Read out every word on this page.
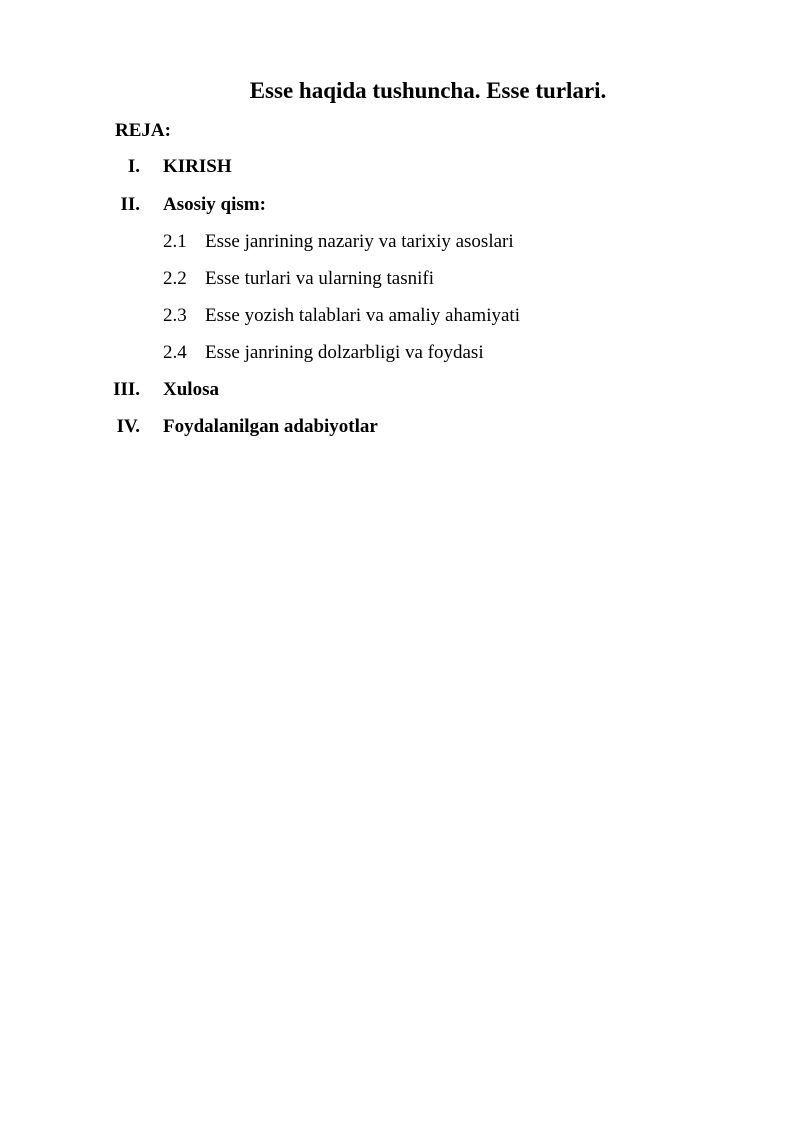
Esse haqida tushuncha. Esse turlari.
REJA:
I. KIRISH
II. Asosiy qism:
2.1 Esse janrining nazariy va tarixiy asoslari
2.2 Esse turlari va ularning tasnifi
2.3 Esse yozish talablari va amaliy ahamiyati
2.4 Esse janrining dolzarbligi va foydasi
III. Xulosa
IV. Foydalanilgan adabiyotlar
